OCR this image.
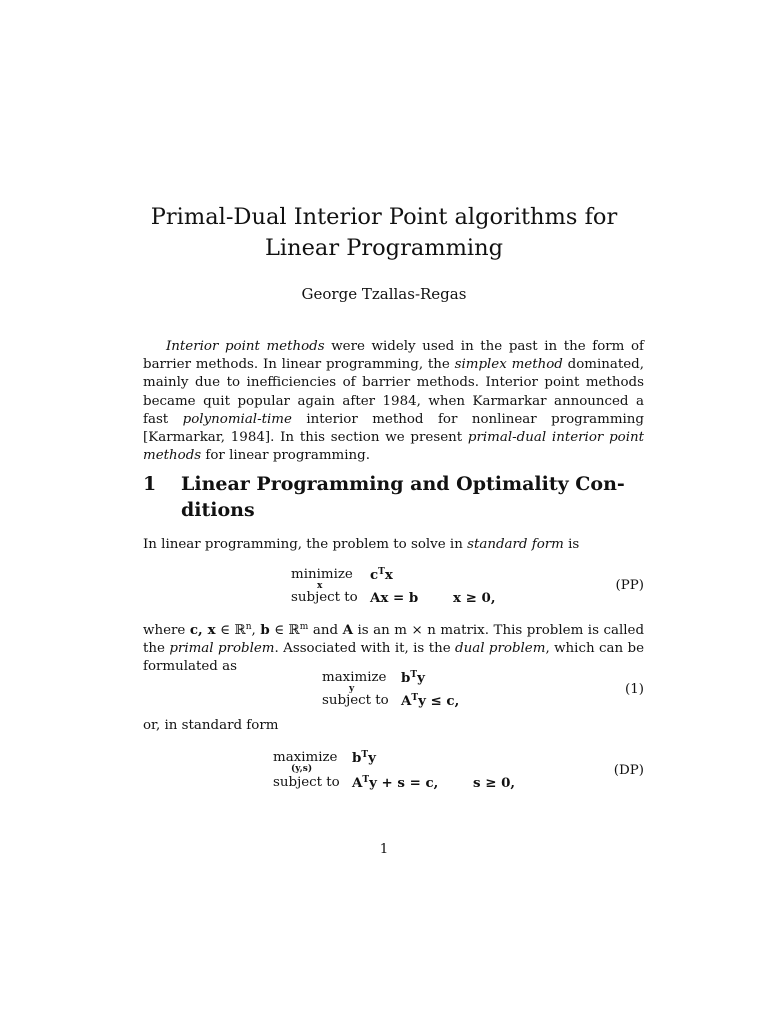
Primal-Dual Interior Point algorithms for
Linear Programming
George Tzallas-Regas

Interior point methods were widely used in the past in the form of barrier methods. In linear programming, the simplex method dominated, mainly due to inefficiencies of barrier methods. Interior point methods became quit popular again after 1984, when Karmarkar announced a fast polynomial-time interior method for nonlinear programming [Karmarkar, 1984]. In this section we present primal-dual interior point methods for linear programming.

1 Linear Programming and Optimality Con-
ditions

In linear programming, the problem to solve in standard form is

minimize
x
$c^Tx$
subject to Ax = b	x ≥ 0,
(PP)

where c, x ∈ ℝ$^n$, b ∈ ℝ$^m$ and A is an m × n matrix. This problem is called the primal problem. Associated with it, is the dual problem, which can be formulated as

maximize
y
$b^Ty$
subject to $A^Ty \le c$,
(1)

or, in standard form

maximize
(y,s)
$b^Ty$
subject to $A^Ty + s = c$,	s ≥ 0,
(DP)
1
